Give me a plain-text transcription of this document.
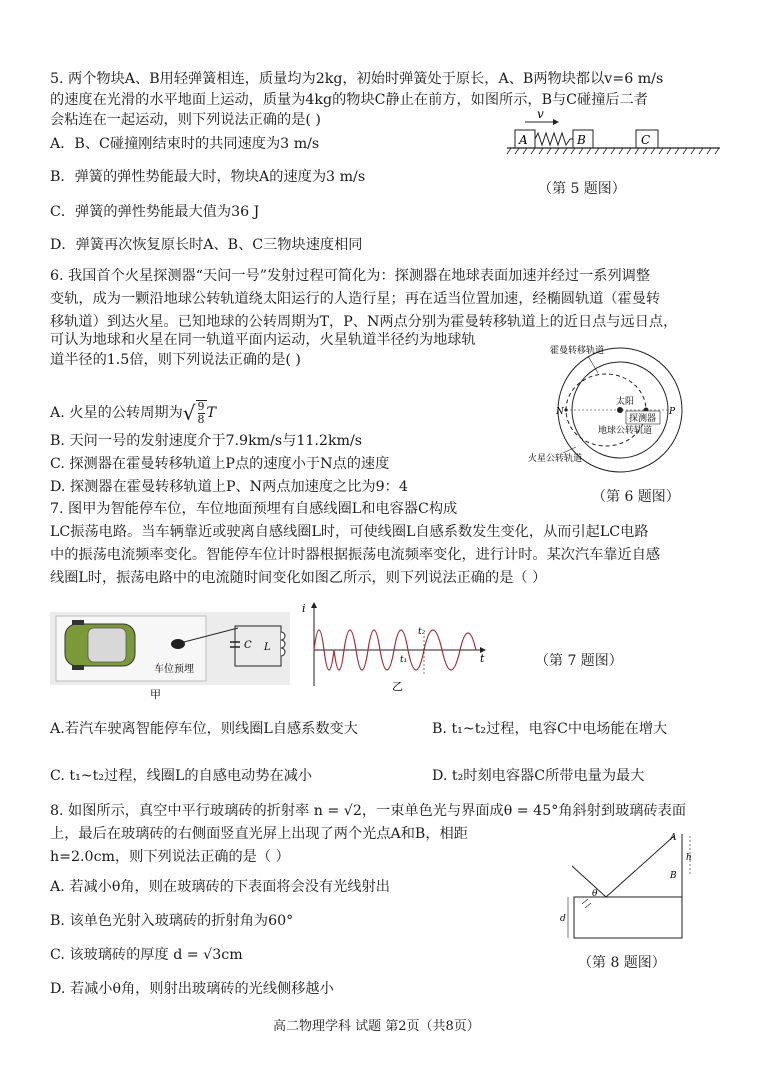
5. 两个物块A、B用轻弹簧相连，质量均为2kg，初始时弹簧处于原长，A、B两物块都以v=6 m/s
的速度在光滑的水平地面上运动，质量为4kg的物块C静止在前方，如图所示，B与C碰撞后二者
会粘连在一起运动，则下列说法正确的是( )
A．B、C碰撞刚结束时的共同速度为3 m/s
B．弹簧的弹性势能最大时，物块A的速度为3 m/s
C．弹簧的弹性势能最大值为36 J
D．弹簧再次恢复原长时A、B、C三物块速度相同
v
A	B	C
（第 5 题图）
6. 我国首个火星探测器“天问一号”发射过程可简化为：探测器在地球表面加速并经过一系列调整
变轨，成为一颗沿地球公转轨道绕太阳运行的人造行星；再在适当位置加速，经椭圆轨道（霍曼转
移轨道）到达火星。已知地球的公转周期为T，P、N两点分别为霍曼转移轨道上的近日点与远日点，
可认为地球和火星在同一轨道平面内运动，火星轨道半径约为地球轨
道半径的1.5倍，则下列说法正确的是( )
A. 火星的公转周期为√ $\frac{9}{8}$ T
B. 天问一号的发射速度介于7.9km/s与11.2km/s
C. 探测器在霍曼转移轨道上P点的速度小于N点的速度
D. 探测器在霍曼转移轨道上P、N两点加速度之比为9：4
太阳
霍曼转移轨道
N	P
探测器
地球公转轨道
火星公转轨道
（第 6 题图）
7. 图甲为智能停车位，车位地面预埋有自感线圈L和电容器C构成
LC振荡电路。当车辆靠近或驶离自感线圈L时，可使线圈L自感系数发生变化，从而引起LC电路
中的振荡电流频率变化。智能停车位计时器根据振荡电流频率变化，进行计时。某次汽车靠近自感
线圈L时，振荡电路中的电流随时间变化如图乙所示，则下列说法正确的是（ ）
车位预埋
C L
甲
i
t
t₁
t₂
乙
（第 7 题图）
A.若汽车驶离智能停车位，则线圈L自感系数变大	B. t₁~t₂过程，电容C中电场能在增大
C. t₁~t₂过程，线圈L的自感电动势在减小	D. t₂时刻电容器C所带电量为最大
8. 如图所示，真空中平行玻璃砖的折射率 n = √2，一束单色光与界面成θ = 45°角斜射到玻璃砖表面
上，最后在玻璃砖的右侧面竖直光屏上出现了两个光点A和B，相距
h=2.0cm，则下列说法正确的是（ ）
A. 若减小θ角，则在玻璃砖的下表面将会没有光线射出
B. 该单色光射入玻璃砖的折射角为60°
C. 该玻璃砖的厚度 d = √3cm
D. 若减小θ角，则射出玻璃砖的光线侧移越小
θ
A
B
h
d
（第 8 题图）
高二物理学科 试题 第2页（共8页）
